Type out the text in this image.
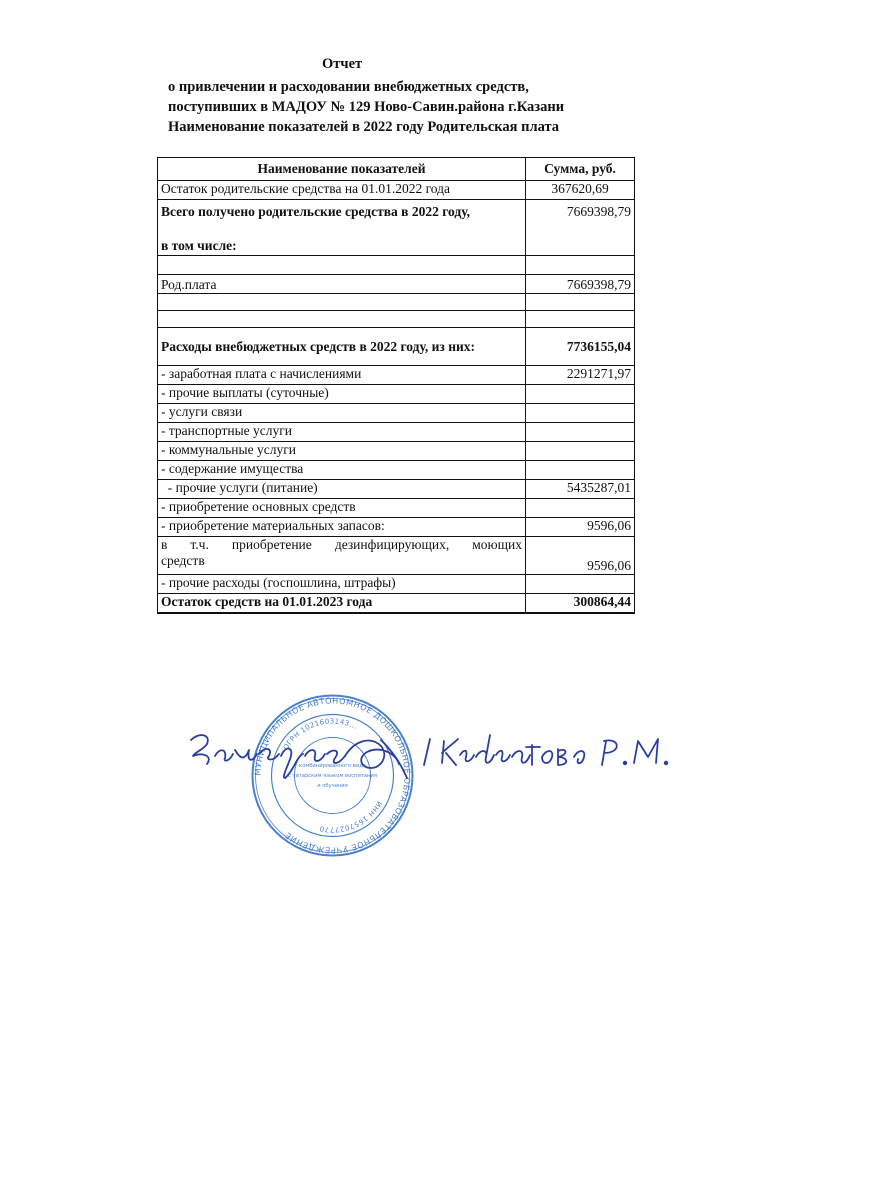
Отчет
о привлечении и расходовании внебюджетных средств,
поступивших в МАДОУ № 129 Ново-Савин.района г.Казани
Наименование показателей в 2022 году Родительская плата
Наименование показателей	Сумма, руб.
Остаток родительские средства на 01.01.2022 года	367620,69

Всего получено родительские средства в 2022 году,
в том числе:	7669398,79

Род.плата	7669398,79

Расходы внебюджетных средств в 2022 году, из них:	7736155,04
- заработная плата с начислениями	2291271,97
- прочие выплаты (суточные)	
- услуги связи	
- транспортные услуги	
- коммунальные услуги	
- содержание имущества	
- прочие услуги (питание)	5435287,01
- приобретение основных средств	
- приобретение материальных запасов:	9596,06

в т.ч. приобретение дезинфицирующих, моющих
средств	9596,06
- прочие расходы (госпошлина, штрафы)	
Остаток средств на 01.01.2023 года	300864,44
МУНИЦИПАЛЬНОЕ АВТОНОМНОЕ ДОШКОЛЬНОЕ ОБРАЗОВАТЕЛЬНОЕ УЧРЕЖДЕНИЕ
ОГРН 1021603143...
ИНН 1657027770
комбинированного вида
с татарским языком воспитания
и обучения
